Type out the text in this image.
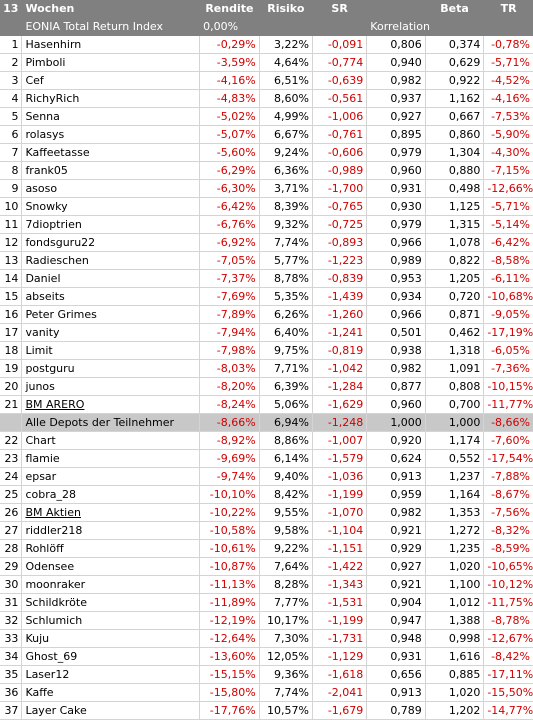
13	Wochen	Rendite	Risiko	SR		Beta	TR
	EONIA Total Return Index	0,00%			Korrelation		
1	Hasenhirn	-0,29%	3,22%	-0,091	0,806	0,374	-0,78%
2	Pimboli	-3,59%	4,64%	-0,774	0,940	0,629	-5,71%
3	Cef	-4,16%	6,51%	-0,639	0,982	0,922	-4,52%
4	RichyRich	-4,83%	8,60%	-0,561	0,937	1,162	-4,16%
5	Senna	-5,02%	4,99%	-1,006	0,927	0,667	-7,53%
6	rolasys	-5,07%	6,67%	-0,761	0,895	0,860	-5,90%
7	Kaffeetasse	-5,60%	9,24%	-0,606	0,979	1,304	-4,30%
8	frank05	-6,29%	6,36%	-0,989	0,960	0,880	-7,15%
9	asoso	-6,30%	3,71%	-1,700	0,931	0,498	-12,66%
10	Snowky	-6,42%	8,39%	-0,765	0,930	1,125	-5,71%
11	7dioptrien	-6,76%	9,32%	-0,725	0,979	1,315	-5,14%
12	fondsguru22	-6,92%	7,74%	-0,893	0,966	1,078	-6,42%
13	Radieschen	-7,05%	5,77%	-1,223	0,989	0,822	-8,58%
14	Daniel	-7,37%	8,78%	-0,839	0,953	1,205	-6,11%
15	abseits	-7,69%	5,35%	-1,439	0,934	0,720	-10,68%
16	Peter Grimes	-7,89%	6,26%	-1,260	0,966	0,871	-9,05%
17	vanity	-7,94%	6,40%	-1,241	0,501	0,462	-17,19%
18	Limit	-7,98%	9,75%	-0,819	0,938	1,318	-6,05%
19	postguru	-8,03%	7,71%	-1,042	0,982	1,091	-7,36%
20	junos	-8,20%	6,39%	-1,284	0,877	0,808	-10,15%
21	BM ARERO	-8,24%	5,06%	-1,629	0,960	0,700	-11,77%
	Alle Depots der Teilnehmer	-8,66%	6,94%	-1,248	1,000	1,000	-8,66%
22	Chart	-8,92%	8,86%	-1,007	0,920	1,174	-7,60%
23	flamie	-9,69%	6,14%	-1,579	0,624	0,552	-17,54%
24	epsar	-9,74%	9,40%	-1,036	0,913	1,237	-7,88%
25	cobra_28	-10,10%	8,42%	-1,199	0,959	1,164	-8,67%
26	BM Aktien	-10,22%	9,55%	-1,070	0,982	1,353	-7,56%
27	riddler218	-10,58%	9,58%	-1,104	0,921	1,272	-8,32%
28	Rohlöff	-10,61%	9,22%	-1,151	0,929	1,235	-8,59%
29	Odensee	-10,87%	7,64%	-1,422	0,927	1,020	-10,65%
30	moonraker	-11,13%	8,28%	-1,343	0,921	1,100	-10,12%
31	Schildkröte	-11,89%	7,77%	-1,531	0,904	1,012	-11,75%
32	Schlumich	-12,19%	10,17%	-1,199	0,947	1,388	-8,78%
33	Kuju	-12,64%	7,30%	-1,731	0,948	0,998	-12,67%
34	Ghost_69	-13,60%	12,05%	-1,129	0,931	1,616	-8,42%
35	Laser12	-15,15%	9,36%	-1,618	0,656	0,885	-17,11%
36	Kaffe	-15,80%	7,74%	-2,041	0,913	1,020	-15,50%
37	Layer Cake	-17,76%	10,57%	-1,679	0,789	1,202	-14,77%
